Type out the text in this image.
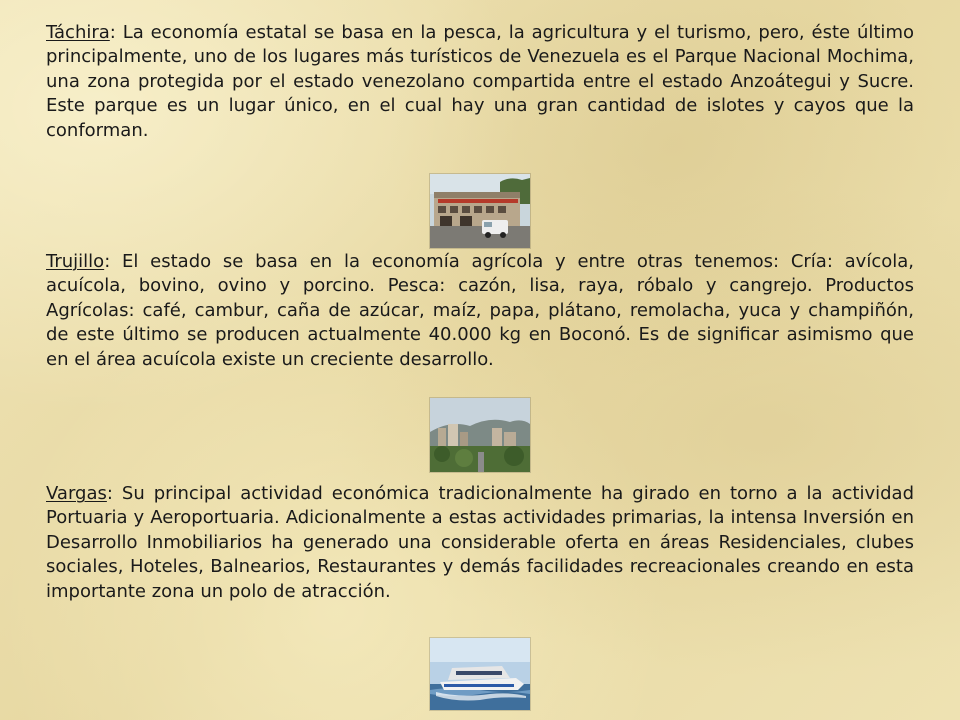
Táchira: La economía estatal se basa en la pesca, la agricultura y el turismo, pero, éste último principalmente, uno de los lugares más turísticos de Venezuela es el Parque Nacional Mochima, una zona protegida por el estado venezolano compartida entre el estado Anzoátegui y Sucre. Este parque es un lugar único, en el cual hay una gran cantidad de islotes y cayos que la conforman.

Trujillo: El estado se basa en la economía agrícola y entre otras tenemos: Cría: avícola, acuícola, bovino, ovino y porcino. Pesca: cazón, lisa, raya, róbalo y cangrejo. Productos Agrícolas: café, cambur, caña de azúcar, maíz, papa, plátano, remolacha, yuca y champiñón, de este último se producen actualmente 40.000 kg en Boconó. Es de significar asimismo que en el área acuícola existe un creciente desarrollo.

Vargas: Su principal actividad económica tradicionalmente ha girado en torno a la actividad Portuaria y Aeroportuaria. Adicionalmente a estas actividades primarias, la intensa Inversión en Desarrollo Inmobiliarios ha generado una considerable oferta en áreas Residenciales, clubes sociales, Hoteles, Balnearios, Restaurantes y demás facilidades recreacionales creando en esta importante zona un polo de atracción.
